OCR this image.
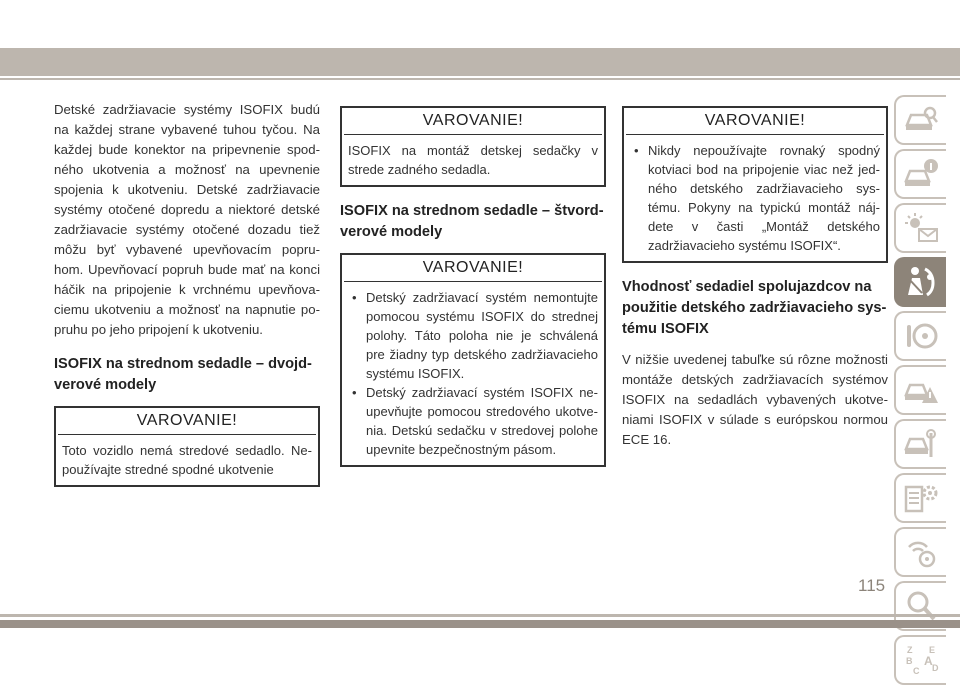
Detské zadržiavacie systémy ISOFIX budú na každej strane vybavené tuhou tyčou. Na každej bude konektor na pripevnenie spod-ného ukotvenia a možnosť na upevnenie spojenia k ukotveniu. Detské zadržiavacie systémy otočené dopredu a niektoré detské zadržiavacie systémy otočené dozadu tiež môžu byť vybavené upevňovacím popru-hom. Upevňovací popruh bude mať na konci háčik na pripojenie k vrchnému upevňova-ciemu ukotveniu a možnosť na napnutie po-pruhu po jeho pripojení k ukotveniu.

ISOFIX na strednom sedadle – dvojd-verové modely
VAROVANIE!
Toto vozidlo nemá stredové sedadlo. Ne-používajte stredné spodné ukotvenie
VAROVANIE!
ISOFIX na montáž detskej sedačky v strede zadného sedadla.
ISOFIX na strednom sedadle – štvord-verové modely
VAROVANIE!
• Detský zadržiavací systém nemontujte pomocou systému ISOFIX do strednej polohy. Táto poloha nie je schválená pre žiadny typ detského zadržiavacieho systému ISOFIX.
• Detský zadržiavací systém ISOFIX ne-upevňujte pomocou stredového ukotve-nia. Detskú sedačku v stredovej polohe upevnite bezpečnostným pásom.
VAROVANIE!
• Nikdy nepoužívajte rovnaký spodný kotviaci bod na pripojenie viac než jed-ného detského zadržiavacieho sys-tému. Pokyny na typickú montáž náj-dete v časti „Montáž detského zadržiavacieho systému ISOFIX“.
Vhodnosť sedadiel spolujazdcov na použitie detského zadržiavacieho sys-tému ISOFIX

V nižšie uvedenej tabuľke sú rôzne možnosti montáže detských zadržiavacích systémov ISOFIX na sedadlách vybavených ukotve-niami ISOFIX v súlade s európskou normou ECE 16.

Z E
B A
C D
115
